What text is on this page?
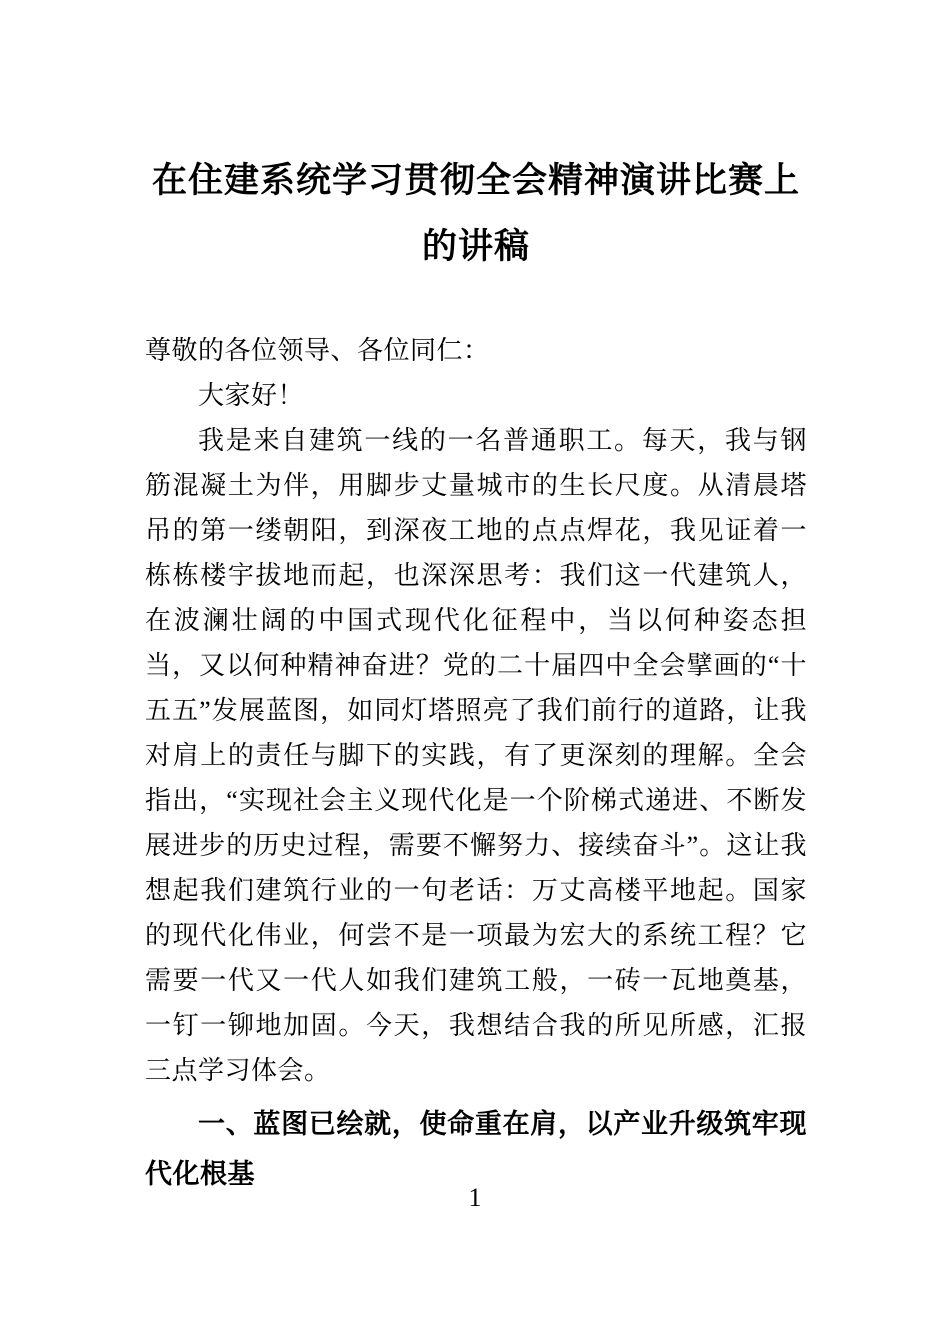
在住建系统学习贯彻全会精神演讲比赛上
的讲稿

尊敬的各位领导、各位同仁：

大家好！

我是来自建筑一线的一名普通职工。每天，我与钢筋混凝土为伴，用脚步丈量城市的生长尺度。从清晨塔吊的第一缕朝阳，到深夜工地的点点焊花，我见证着一栋栋楼宇拔地而起，也深深思考：我们这一代建筑人，在波澜壮阔的中国式现代化征程中，当以何种姿态担当，又以何种精神奋进？党的二十届四中全会擘画的“十五五”发展蓝图，如同灯塔照亮了我们前行的道路，让我对肩上的责任与脚下的实践，有了更深刻的理解。全会指出，“实现社会主义现代化是一个阶梯式递进、不断发展进步的历史过程，需要不懈努力、接续奋斗”。这让我想起我们建筑行业的一句老话：万丈高楼平地起。国家的现代化伟业，何尝不是一项最为宏大的系统工程？它需要一代又一代人如我们建筑工般，一砖一瓦地奠基，一钉一铆地加固。今天，我想结合我的所见所感，汇报三点学习体会。

一、蓝图已绘就，使命重在肩，以产业升级筑牢现代化根基

1
